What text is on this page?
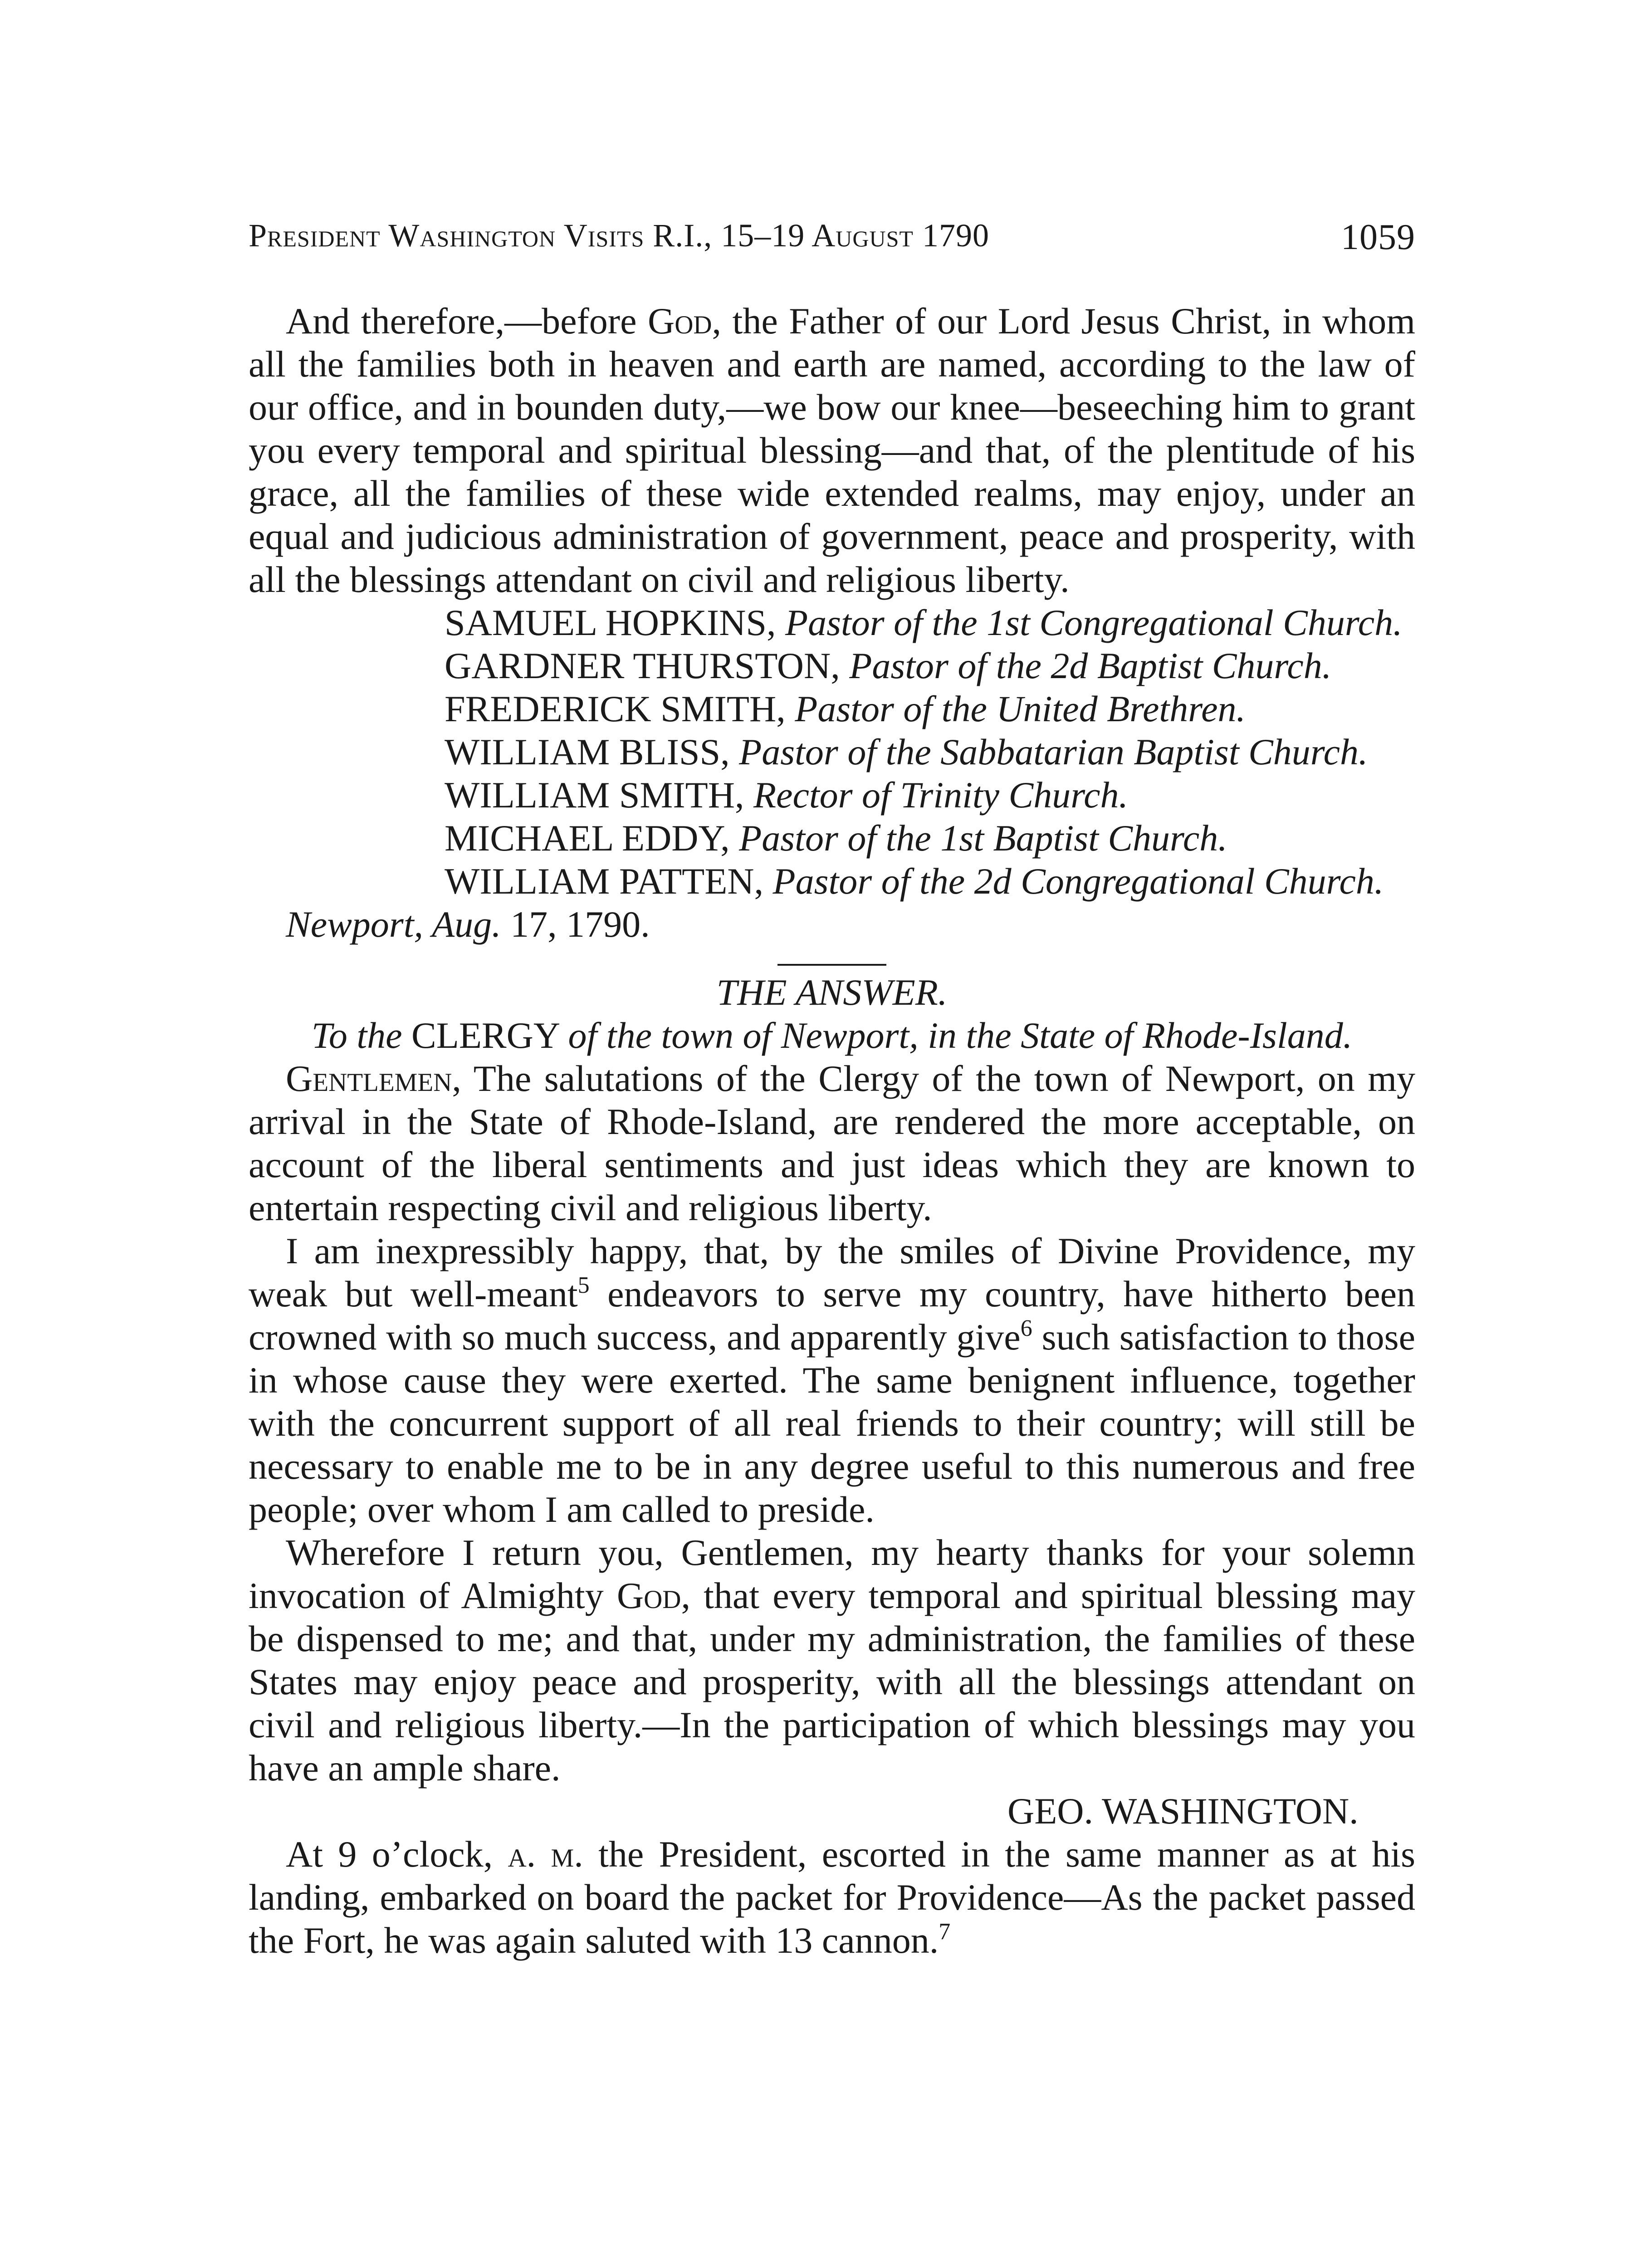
President Washington Visits R.I., 15–19 August 1790	1059

And therefore,—before God, the Father of our Lord Jesus Christ, in whom all the families both in heaven and earth are named, according to the law of our office, and in bounden duty,—we bow our knee—beseeching him to grant you every temporal and spiritual blessing—and that, of the plentitude of his grace, all the families of these wide extended realms, may enjoy, under an equal and judicious administration of government, peace and prosperity, with all the blessings attendant on civil and religious liberty.

SAMUEL HOPKINS, Pastor of the 1st Congregational Church.
GARDNER THURSTON, Pastor of the 2d Baptist Church.
FREDERICK SMITH, Pastor of the United Brethren.
WILLIAM BLISS, Pastor of the Sabbatarian Baptist Church.
WILLIAM SMITH, Rector of Trinity Church.
MICHAEL EDDY, Pastor of the 1st Baptist Church.
WILLIAM PATTEN, Pastor of the 2d Congregational Church.
Newport, Aug. 17, 1790.
THE ANSWER.
To the CLERGY of the town of Newport, in the State of Rhode-Island.

Gentlemen, The salutations of the Clergy of the town of Newport, on my arrival in the State of Rhode-Island, are rendered the more acceptable, on account of the liberal sentiments and just ideas which they are known to entertain respecting civil and religious liberty.

I am inexpressibly happy, that, by the smiles of Divine Providence, my weak but well-meant$^5$ endeavors to serve my country, have hitherto been crowned with so much success, and apparently give$^6$ such satisfaction to those in whose cause they were exerted. The same benignent influence, together with the concurrent support of all real friends to their country; will still be necessary to enable me to be in any degree useful to this numerous and free people; over whom I am called to preside.

Wherefore I return you, Gentlemen, my hearty thanks for your solemn invocation of Almighty God, that every temporal and spiritual blessing may be dispensed to me; and that, under my administration, the families of these States may enjoy peace and prosperity, with all the blessings attendant on civil and religious liberty.—In the participation of which blessings may you have an ample share.

GEO. WASHINGTON.

At 9 o’clock, a. m. the President, escorted in the same manner as at his landing, embarked on board the packet for Providence—As the packet passed the Fort, he was again saluted with 13 cannon.$^7$
